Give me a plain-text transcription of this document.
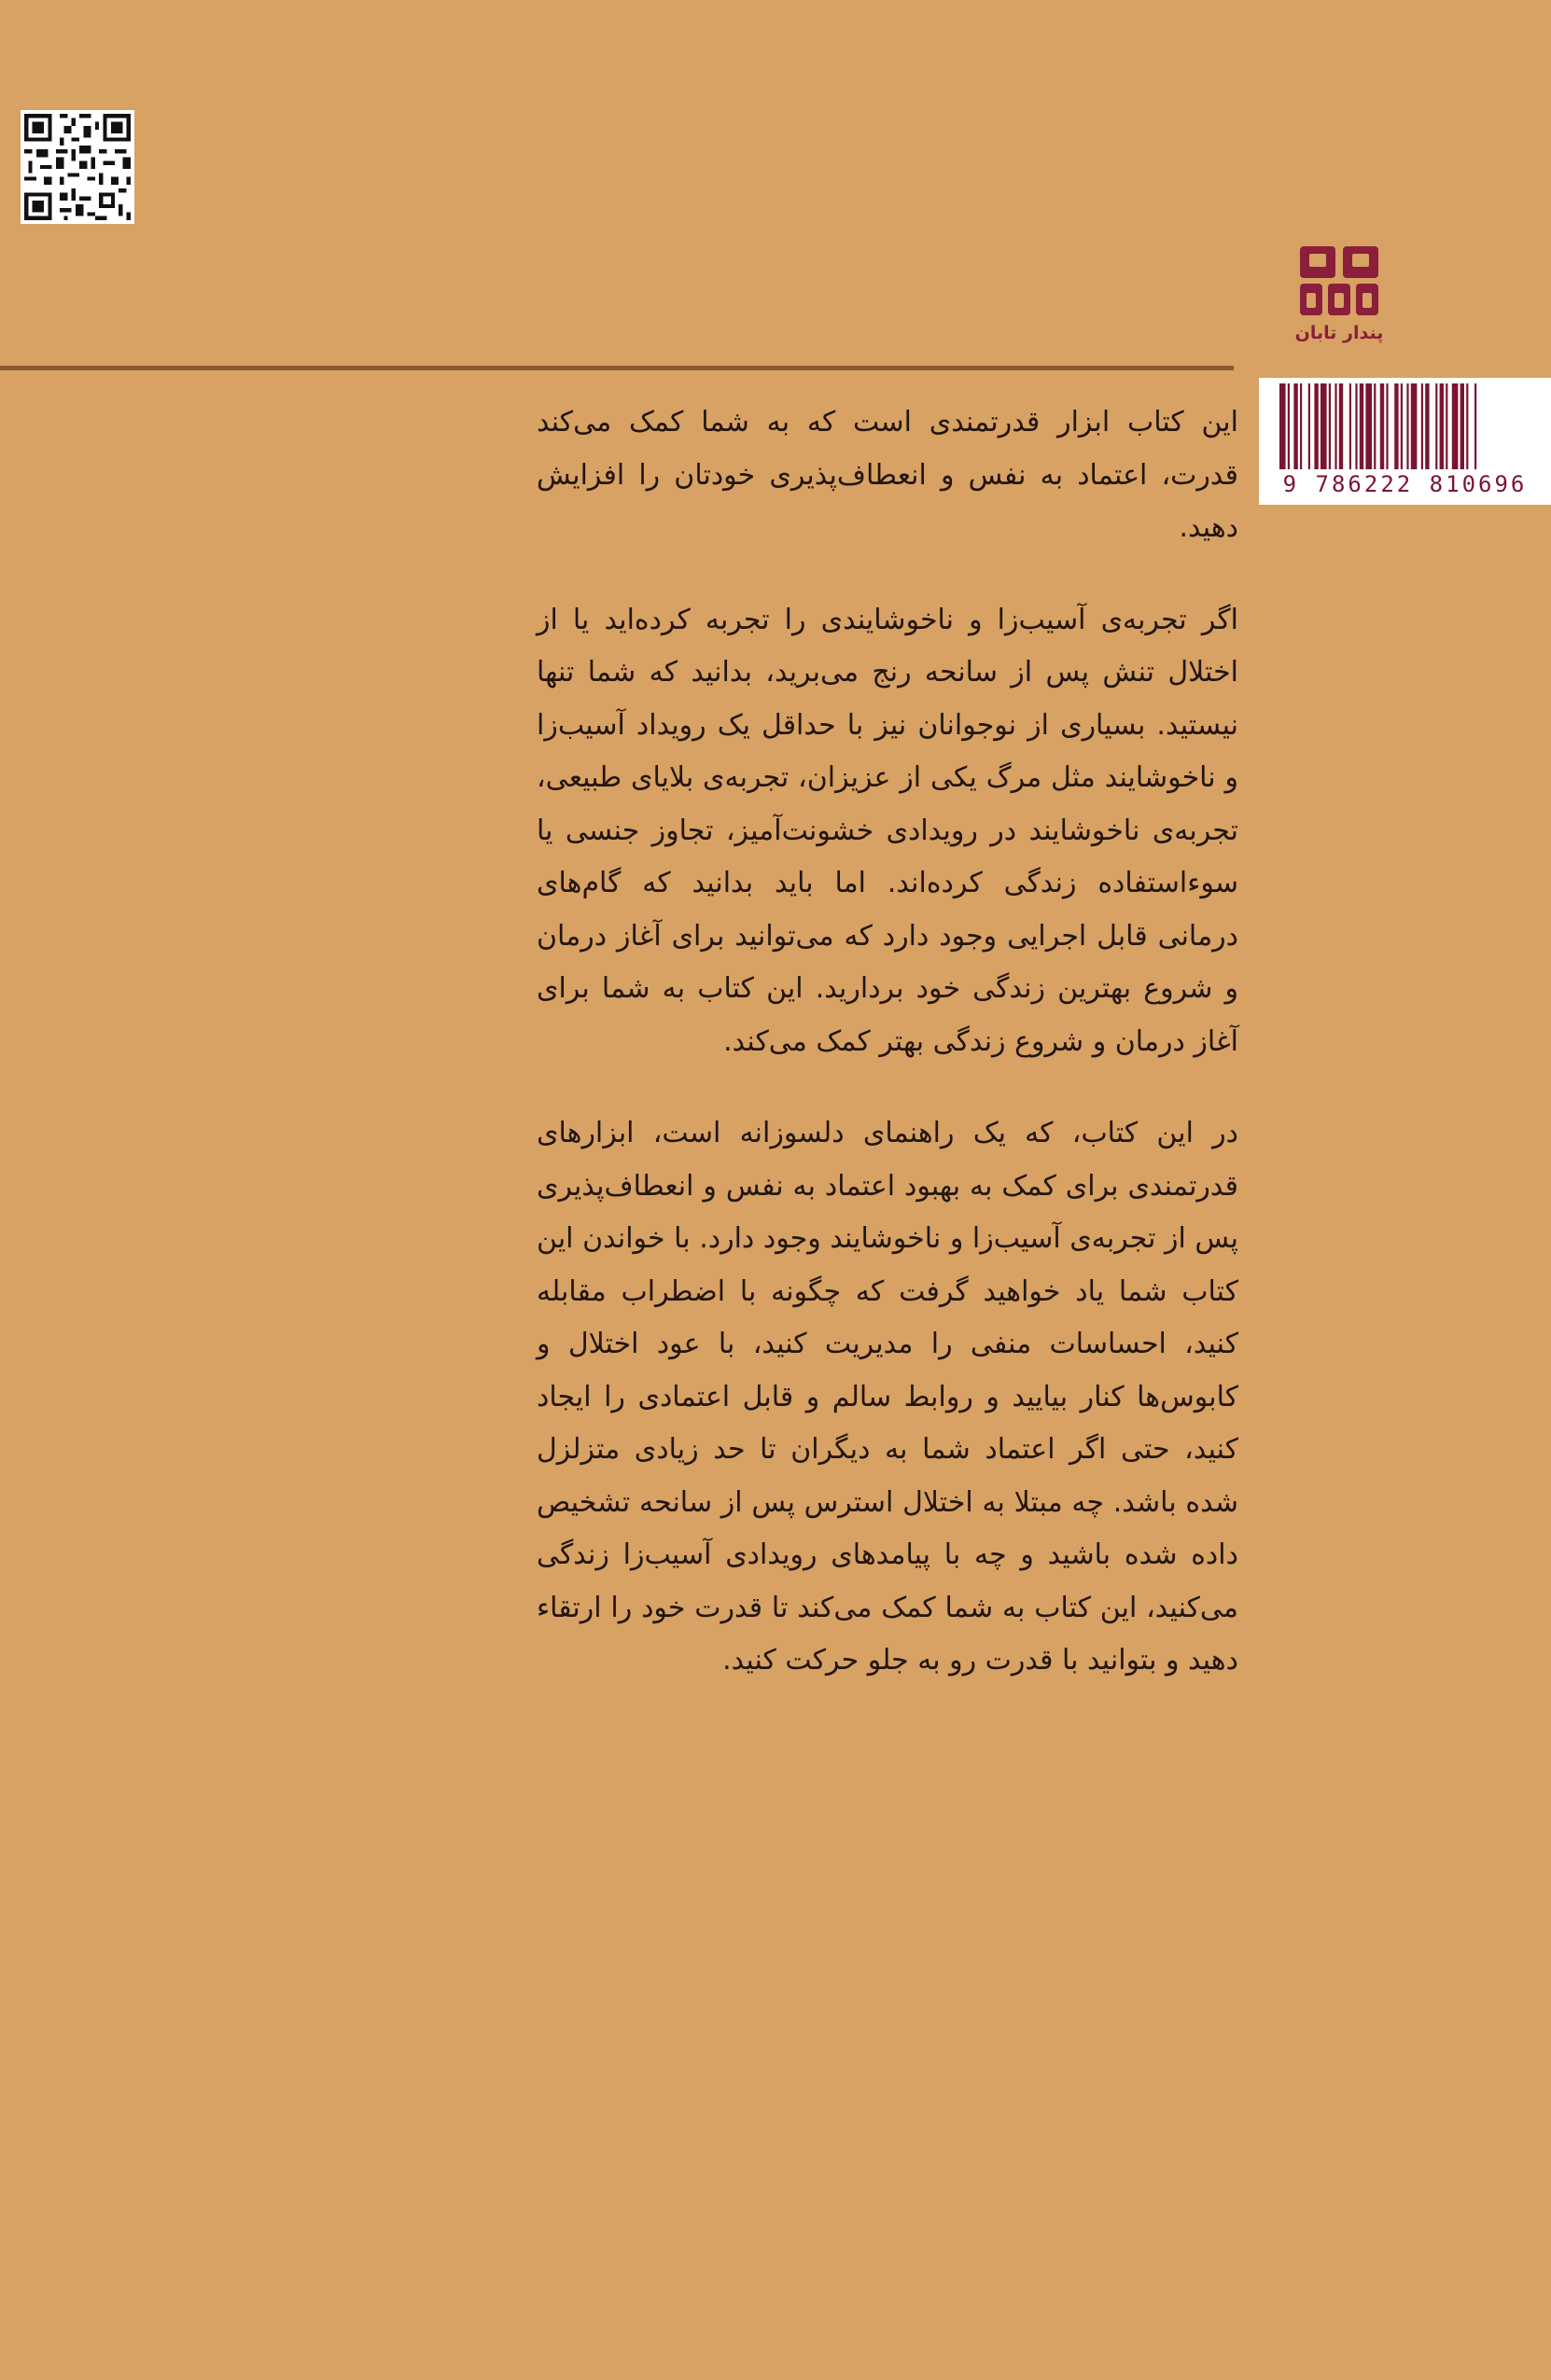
پندار تابان
9 786222 810696

این کتاب ابزار قدرتمندی است که به شما کمک می‌کند قدرت، اعتماد به نفس و انعطاف‌پذیری خودتان را افزایش دهید.

اگر تجربه‌ی آسیب‌زا و ناخوشایندی را تجربه کرده‌اید یا از اختلال تنش پس از سانحه رنج می‌برید، بدانید که شما تنها نیستید. بسیاری از نوجوانان نیز با حداقل یک رویداد آسیب‌زا و ناخوشایند مثل مرگ یکی از عزیزان، تجربه‌ی بلایای طبیعی، تجربه‌ی ناخوشایند در رویدادی خشونت‌آمیز، تجاوز جنسی یا سوءاستفاده زندگی کرده‌اند. اما باید بدانید که گام‌های درمانی قابل اجرایی وجود دارد که می‌توانید برای آغاز درمان و شروع بهترین زندگی خود بردارید. این کتاب به شما برای آغاز درمان و شروع زندگی بهتر کمک می‌کند.

در این کتاب، که یک راهنمای دلسوزانه است، ابزارهای قدرتمندی برای کمک به بهبود اعتماد به نفس و انعطاف‌پذیری پس از تجربه‌ی آسیب‌زا و ناخوشایند وجود دارد. با خواندن این کتاب شما یاد خواهید گرفت که چگونه با اضطراب مقابله کنید، احساسات منفی را مدیریت کنید، با عود اختلال و کابوس‌ها کنار بیایید و روابط سالم و قابل اعتمادی را ایجاد کنید، حتی اگر اعتماد شما به دیگران تا حد زیادی متزلزل شده باشد. چه مبتلا به اختلال استرس پس از سانحه تشخیص داده شده باشید و چه با پیامدهای رویدادی آسیب‌زا زندگی می‌کنید، این کتاب به شما کمک می‌کند تا قدرت خود را ارتقاء دهید و بتوانید با قدرت رو به جلو حرکت کنید.
